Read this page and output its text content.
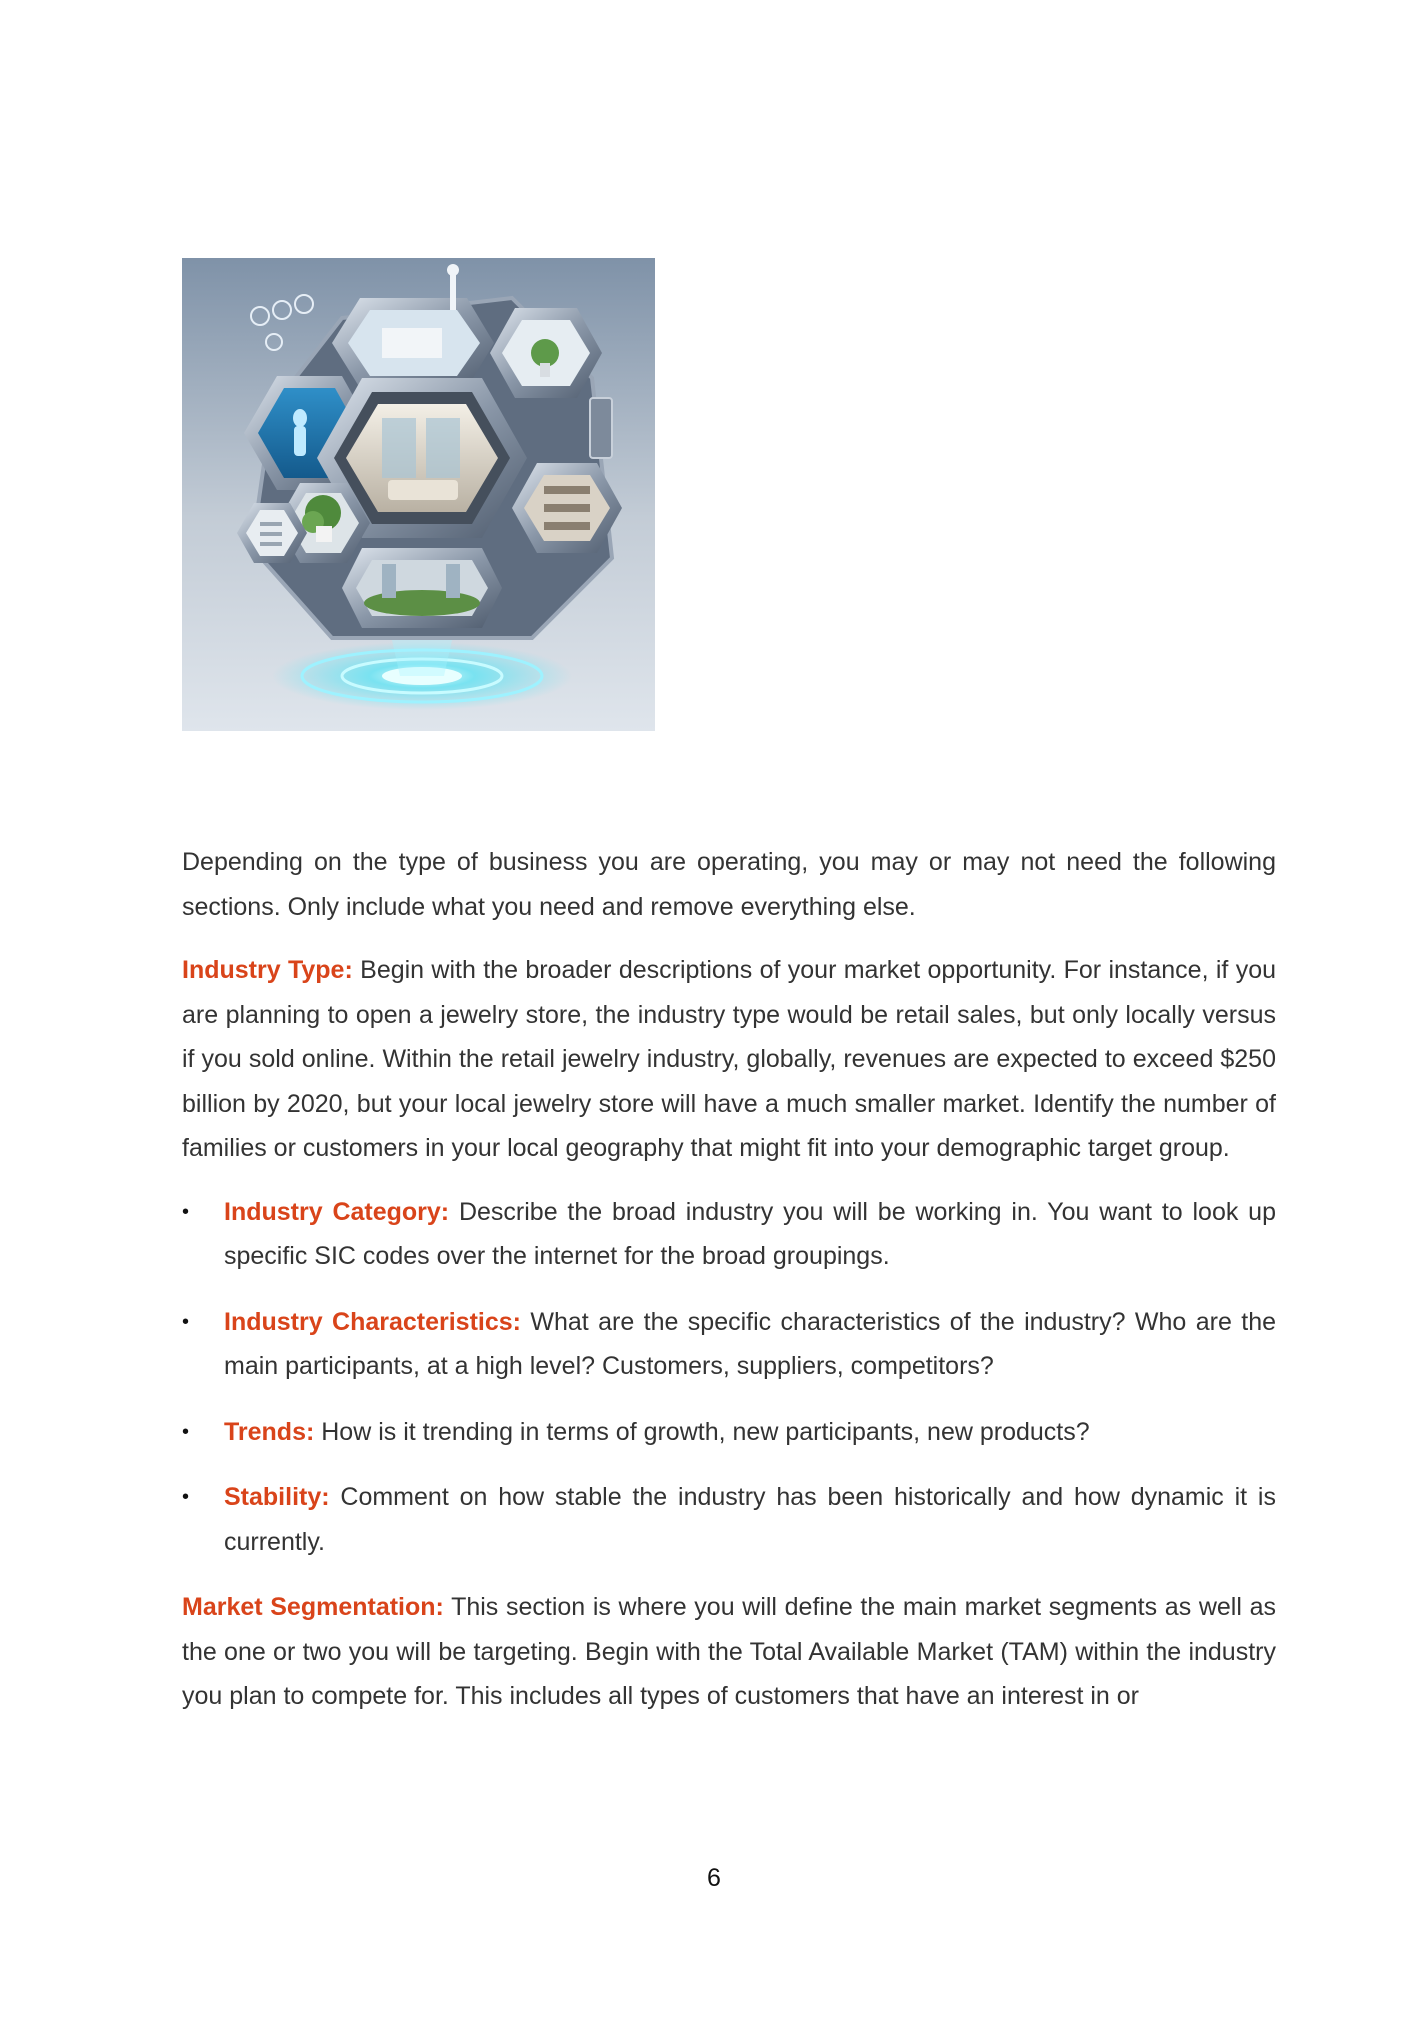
Depending on the type of business you are operating, you may or may not need the following sections. Only include what you need and remove everything else.

Industry Type: Begin with the broader descriptions of your market opportunity. For instance, if you are planning to open a jewelry store, the industry type would be retail sales, but only locally versus if you sold online. Within the retail jewelry industry, globally, revenues are expected to exceed $250 billion by 2020, but your local jewelry store will have a much smaller market. Identify the number of families or customers in your local geography that might fit into your demographic target group.

•	Industry Category: Describe the broad industry you will be working in. You want to look up specific SIC codes over the internet for the broad groupings.
•	Industry Characteristics: What are the specific characteristics of the industry? Who are the main participants, at a high level? Customers, suppliers, competitors?
•	Trends: How is it trending in terms of growth, new participants, new products?
•	Stability: Comment on how stable the industry has been historically and how dynamic it is currently.

Market Segmentation: This section is where you will define the main market segments as well as the one or two you will be targeting. Begin with the Total Available Market (TAM) within the industry you plan to compete for. This includes all types of customers that have an interest in or

6
